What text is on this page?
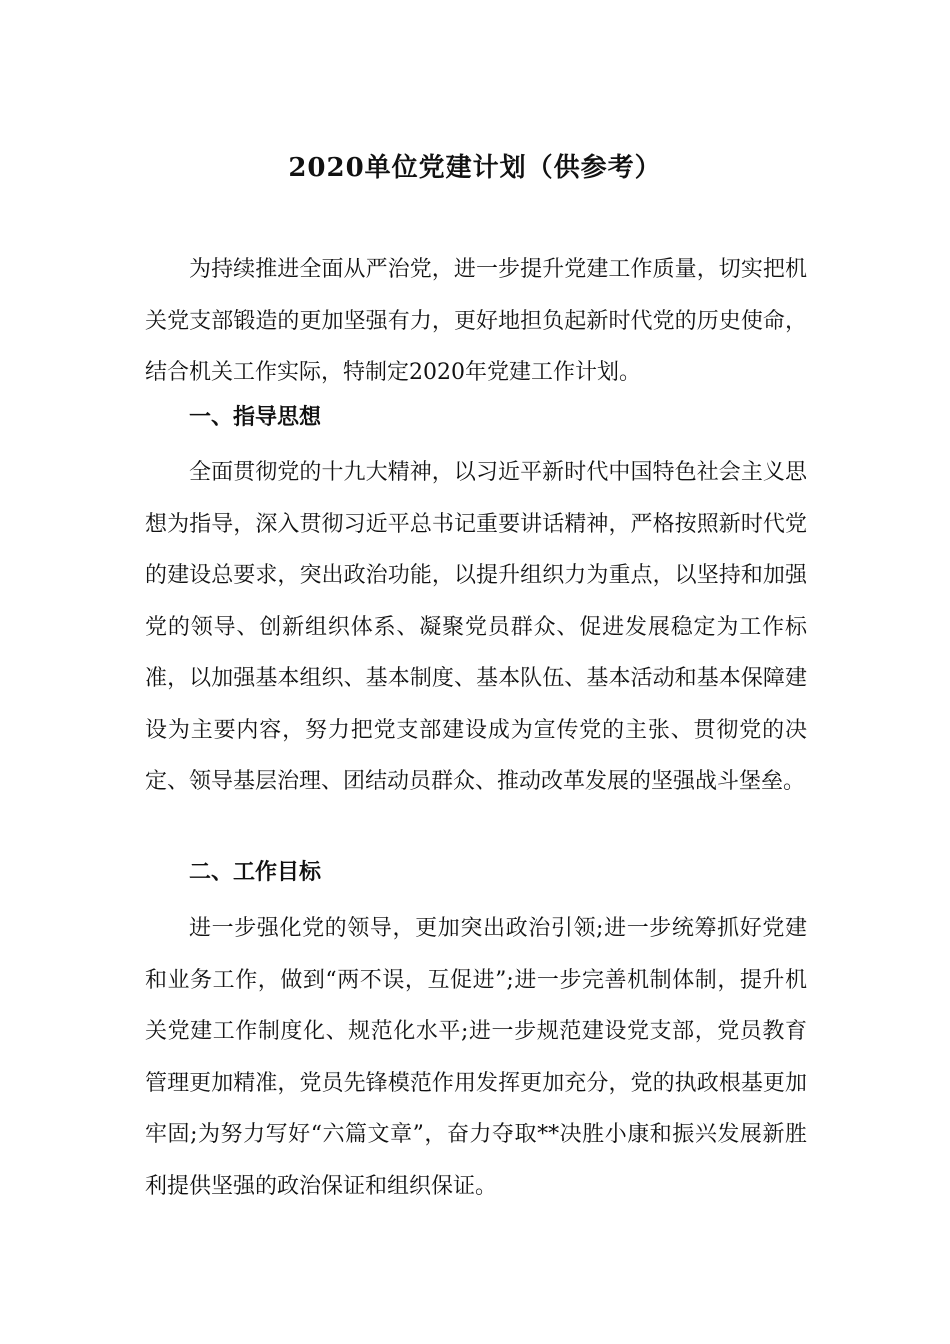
2020单位党建计划（供参考）

为持续推进全面从严治党，进一步提升党建工作质量，切实把机关党支部锻造的更加坚强有力，更好地担负起新时代党的历史使命，结合机关工作实际，特制定2020年党建工作计划。

一、指导思想

全面贯彻党的十九大精神，以习近平新时代中国特色社会主义思想为指导，深入贯彻习近平总书记重要讲话精神，严格按照新时代党的建设总要求，突出政治功能，以提升组织力为重点，以坚持和加强党的领导、创新组织体系、凝聚党员群众、促进发展稳定为工作标准，以加强基本组织、基本制度、基本队伍、基本活动和基本保障建设为主要内容，努力把党支部建设成为宣传党的主张、贯彻党的决定、领导基层治理、团结动员群众、推动改革发展的坚强战斗堡垒。

二、工作目标

进一步强化党的领导，更加突出政治引领;进一步统筹抓好党建和业务工作，做到“两不误，互促进”;进一步完善机制体制，提升机关党建工作制度化、规范化水平;进一步规范建设党支部，党员教育管理更加精准，党员先锋模范作用发挥更加充分，党的执政根基更加牢固;为努力写好“六篇文章”，奋力夺取**决胜小康和振兴发展新胜利提供坚强的政治保证和组织保证。
